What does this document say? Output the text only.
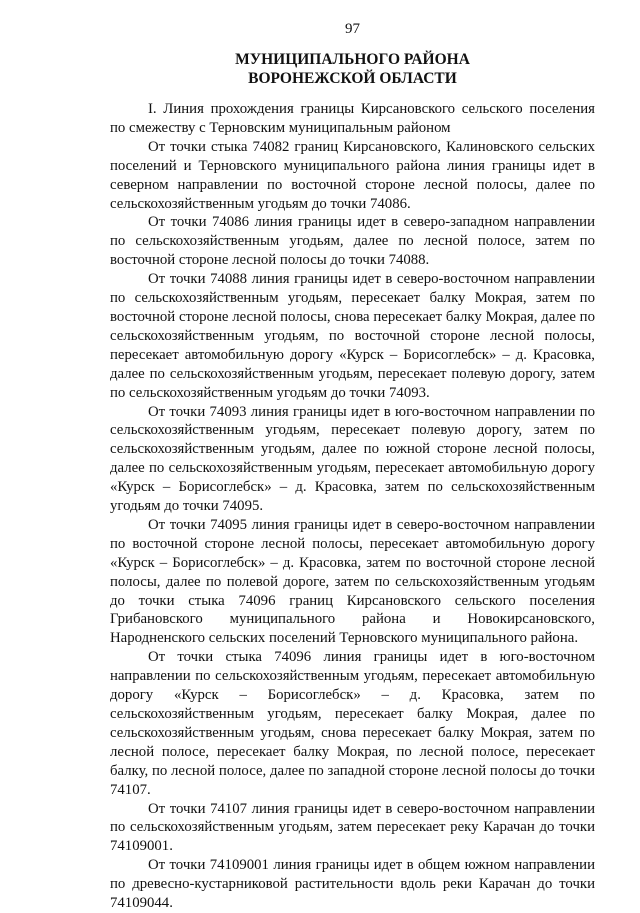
97
МУНИЦИПАЛЬНОГО РАЙОНА
ВОРОНЕЖСКОЙ ОБЛАСТИ

I. Линия прохождения границы Кирсановского сельского поселения по смежеству с Терновским муниципальным районом

От точки стыка 74082 границ Кирсановского, Калиновского сельских поселений и Терновского муниципального района линия границы идет в северном направлении по восточной стороне лесной полосы, далее по сельскохозяйственным угодьям до точки 74086.

От точки 74086 линия границы идет в северо-западном направлении по сельскохозяйственным угодьям, далее по лесной полосе, затем по восточной стороне лесной полосы до точки 74088.

От точки 74088 линия границы идет в северо-восточном направлении по сельскохозяйственным угодьям, пересекает балку Мокрая, затем по восточной стороне лесной полосы, снова пересекает балку Мокрая, далее по сельскохозяйственным угодьям, по восточной стороне лесной полосы, пересекает автомобильную дорогу «Курск – Борисоглебск» – д. Красовка, далее по сельскохозяйственным угодьям, пересекает полевую дорогу, затем по сельскохозяйственным угодьям до точки 74093.

От точки 74093 линия границы идет в юго-восточном направлении по сельскохозяйственным угодьям, пересекает полевую дорогу, затем по сельскохозяйственным угодьям, далее по южной стороне лесной полосы, далее по сельскохозяйственным угодьям, пересекает автомобильную дорогу «Курск – Борисоглебск» – д. Красовка, затем по сельскохозяйственным угодьям до точки 74095.

От точки 74095 линия границы идет в северо-восточном направлении по восточной стороне лесной полосы, пересекает автомобильную дорогу «Курск – Борисоглебск» – д. Красовка, затем по восточной стороне лесной полосы, далее по полевой дороге, затем по сельскохозяйственным угодьям до точки стыка 74096 границ Кирсановского сельского поселения Грибановского муниципального района и Новокирсановского, Народненского сельских поселений Терновского муниципального района.

От точки стыка 74096 линия границы идет в юго-восточном направлении по сельскохозяйственным угодьям, пересекает автомобильную дорогу «Курск – Борисоглебск» – д. Красовка, затем по сельскохозяйственным угодьям, пересекает балку Мокрая, далее по сельскохозяйственным угодьям, снова пересекает балку Мокрая, затем по лесной полосе, пересекает балку Мокрая, по лесной полосе, пересекает балку, по лесной полосе, далее по западной стороне лесной полосы до точки 74107.

От точки 74107 линия границы идет в северо-восточном направлении по сельскохозяйственным угодьям, затем пересекает реку Карачан до точки 74109001.

От точки 74109001 линия границы идет в общем южном направлении по древесно-кустарниковой растительности вдоль реки Карачан до точки 74109044.
